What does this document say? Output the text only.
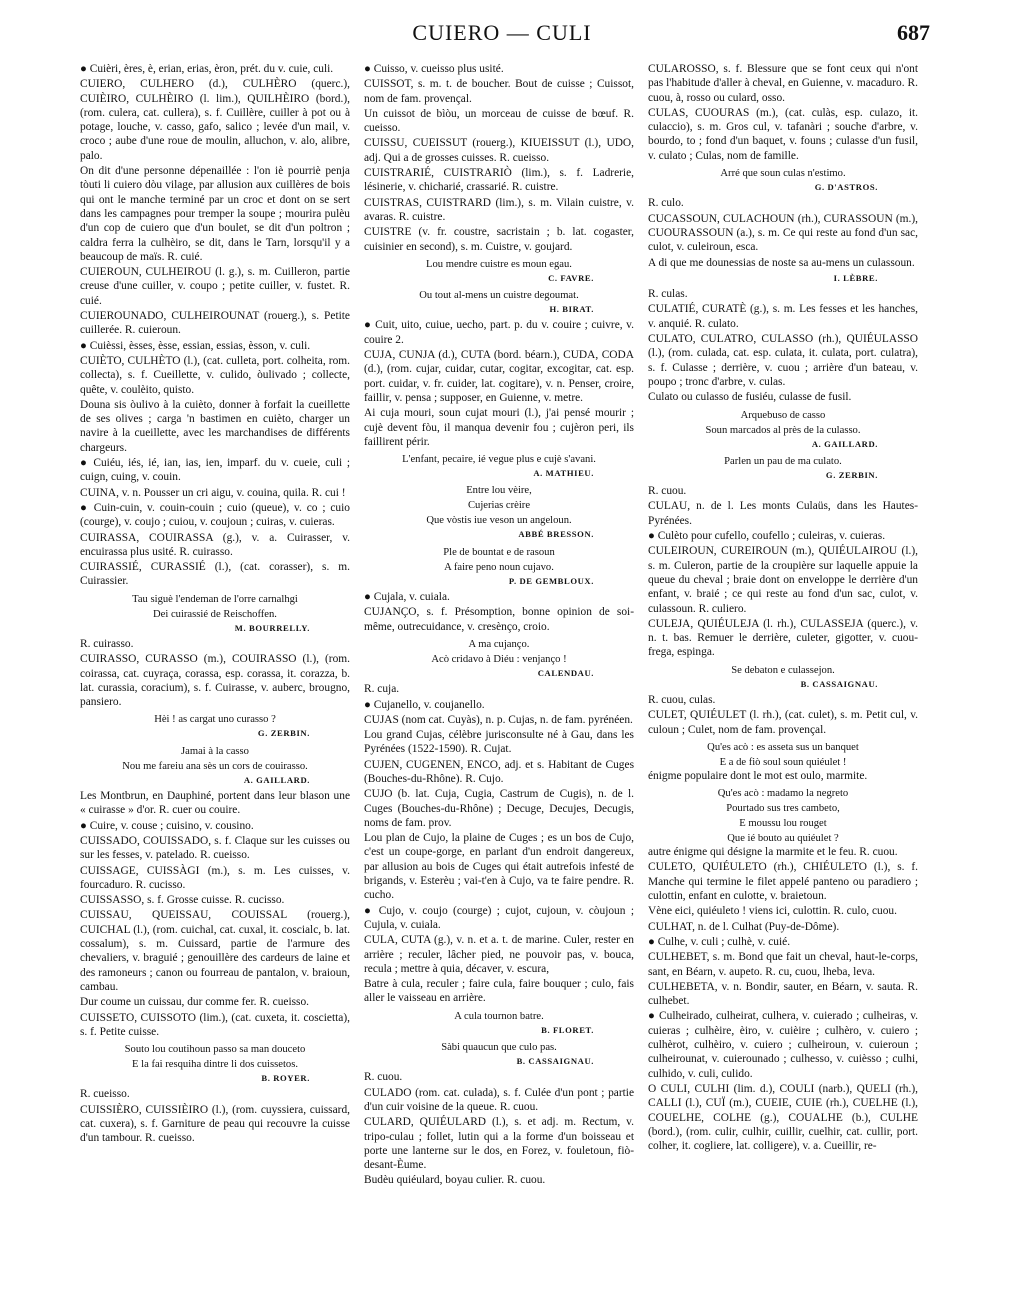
CUIERO — CULI	687

● Cuièri, ères, è, erian, erias, èron, prét. du v. cuie, culi.

CUIERO, CULHERO (d.), CULHÈRO (querc.), CUIÈIRO, CULHÈIRO (l. lim.), QUILHÈIRO (bord.), (rom. culera, cat. cullera), s. f. Cuillère, cuiller à pot ou à potage, louche, v. casso, gafo, salico ; levée d'un mail, v. croco ; aube d'une roue de moulin, alluchon, v. alo, alibre, palo.

On dit d'une personne dépenaillée : l'on iè pourriè penja tòuti li cuiero dòu vilage, par allusion aux cuillères de bois qui ont le manche terminé par un croc et dont on se sert dans les campagnes pour tremper la soupe ; mourira pulèu d'un cop de cuiero que d'un boulet, se dit d'un poltron ; caldra ferra la culhèiro, se dit, dans le Tarn, lorsqu'il y a beaucoup de maïs. R. cuié.

CUIEROUN, CULHEIROU (l. g.), s. m. Cuilleron, partie creuse d'une cuiller, v. coupo ; petite cuiller, v. fustet. R. cuié.

CUIEROUNADO, CULHEIROUNAT (rouerg.), s. Petite cuillerée. R. cuieroun.

● Cuièssi, èsses, èsse, essian, essias, èsson, v. culi.

CUIÈTO, CULHÈTO (l.), (cat. culleta, port. colheita, rom. collecta), s. f. Cueillette, v. culido, òulivado ; collecte, quête, v. coulèito, quisto.

Douna sis òulivo à la cuièto, donner à forfait la cueillette de ses olives ; carga 'n bastimen en cuièto, charger un navire à la cueillette, avec les marchandises de différents chargeurs.

● Cuiéu, iés, ié, ian, ias, ien, imparf. du v. cueie, culi ; cuign, cuing, v. couin.

CUINA, v. n. Pousser un cri aigu, v. couina, quila. R. cui !

● Cuin-cuin, v. couin-couin ; cuio (queue), v. co ; cuio (courge), v. coujo ; cuiou, v. coujoun ; cuiras, v. cuieras.

CUIRASSA, COUIRASSA (g.), v. a. Cuirasser, v. encuirassa plus usité. R. cuirasso.

CUIRASSIÉ, CURASSIÉ (l.), (cat. corasser), s. m. Cuirassier.

Tau siguè l'endeman de l'orre carnalhgi

Dei cuirassié de Reischoffen.

M. BOURRELLY.

R. cuirasso.

CUIRASSO, CURASSO (m.), COUIRASSO (l.), (rom. coirassa, cat. cuyraça, corassa, esp. corassa, it. corazza, b. lat. curassia, coracium), s. f. Cuirasse, v. auberc, brougno, pansiero.

Hèi ! as cargat uno curasso ?

G. ZERBIN.

Jamai à la casso

Nou me fareiu ana sès un cors de couirasso.

A. GAILLARD.

Les Montbrun, en Dauphiné, portent dans leur blason une « cuirasse » d'or. R. cuer ou couire.

● Cuire, v. couse ; cuisino, v. cousino.

CUISSADO, COUISSADO, s. f. Claque sur les cuisses ou sur les fesses, v. patelado. R. cueisso.

CUISSAGE, CUISSÀGI (m.), s. m. Les cuisses, v. fourcaduro. R. cucisso.

CUISSASSO, s. f. Grosse cuisse. R. cucisso.

CUISSAU, QUEISSAU, COUISSAL (rouerg.), CUICHAL (l.), (rom. cuichal, cat. cuxal, it. coscialc, b. lat. cossalum), s. m. Cuissard, partie de l'armure des chevaliers, v. braguié ; genouillère des cardeurs de laine et des ramoneurs ; canon ou fourreau de pantalon, v. braioun, cambau.

Dur coume un cuissau, dur comme fer. R. cueisso.

CUISSETO, CUISSOTO (lim.), (cat. cuxeta, it. coscietta), s. f. Petite cuisse.

Souto lou coutihoun passo sa man douceto

E la fai resquiha dintre li dos cuissetos.

B. ROYER.

R. cueisso.

CUISSIÈRO, CUISSIÈIRO (l.), (rom. cuyssiera, cuissard, cat. cuxera), s. f. Garniture de peau qui recouvre la cuisse d'un tambour. R. cueisso.

● Cuisso, v. cueisso plus usité.

CUISSOT, s. m. t. de boucher. Bout de cuisse ; Cuissot, nom de fam. provençal.

Un cuissot de bìòu, un morceau de cuisse de bœuf. R. cueisso.

CUISSU, CUEISSUT (rouerg.), KIUEISSUT (l.), UDO, adj. Qui a de grosses cuisses. R. cueisso.

CUISTRARIÉ, CUISTRARIÒ (lim.), s. f. Ladrerie, lésinerie, v. chicharié, crassarié. R. cuistre.

CUISTRAS, CUISTRARD (lim.), s. m. Vilain cuistre, v. avaras. R. cuistre.

CUISTRE (v. fr. coustre, sacristain ; b. lat. cogaster, cuisinier en second), s. m. Cuistre, v. goujard.

Lou mendre cuistre es moun egau.

C. FAVRE.

Ou tout al-mens un cuistre degoumat.

H. BIRAT.

● Cuit, uito, cuiue, uecho, part. p. du v. couire ; cuivre, v. couire 2.

CUJA, CUNJA (d.), CUTA (bord. béarn.), CUDA, CODA (d.), (rom. cujar, cuidar, cutar, cogitar, excogitar, cat. esp. port. cuidar, v. fr. cuider, lat. cogitare), v. n. Penser, croire, faillir, v. pensa ; supposer, en Guienne, v. metre.

Ai cuja mouri, soun cujat mouri (l.), j'ai pensé mourir ; cujè devent fòu, il manqua devenir fou ; cujèron peri, ils faillirent périr.

L'enfant, pecaire, ié vegue plus e cujè s'avani.

A. MATHIEU.

Entre lou vèire,

Cujerias crèire

Que vòstis iue veson un angeloun.

ABBÉ BRESSON.

Ple de bountat e de rasoun

A faire peno noun cujavo.

P. DE GEMBLOUX.

● Cujala, v. cuiala.

CUJANÇO, s. f. Présomption, bonne opinion de soi-même, outrecuidance, v. cresènço, croio.

A ma cujanço.

Acò cridavo à Diéu : venjanço !

CALENDAU.

R. cuja.

● Cujanello, v. coujanello.

CUJAS (nom cat. Cuyàs), n. p. Cujas, n. de fam. pyrénéen.

Lou grand Cujas, célèbre jurisconsulte né à Gau, dans les Pyrénées (1522-1590). R. Cujat.

CUJEN, CUGENEN, ENCO, adj. et s. Habitant de Cuges (Bouches-du-Rhône). R. Cujo.

CUJO (b. lat. Cuja, Cugia, Castrum de Cugis), n. de l. Cuges (Bouches-du-Rhône) ; Decuge, Decujes, Decugis, noms de fam. prov.

Lou plan de Cujo, la plaine de Cuges ; es un bos de Cujo, c'est un coupe-gorge, en parlant d'un endroit dangereux, par allusion au bois de Cuges qui était autrefois infesté de brigands, v. Esterèu ; vai-t'en à Cujo, va te faire pendre. R. cucho.

● Cujo, v. coujo (courge) ; cujot, cujoun, v. còujoun ; Cujula, v. cuiala.

CULA, CUTA (g.), v. n. et a. t. de marine. Culer, rester en arrière ; reculer, lâcher pied, ne pouvoir pas, v. bouca, recula ; mettre à quia, décaver, v. escura,

Batre à cula, reculer ; faire cula, faire bouquer ; culo, fais aller le vaisseau en arrière.

A cula tournon batre.

B. FLORET.

Sàbi quaucun que culo pas.

B. CASSAIGNAU.

R. cuou.

CULADO (rom. cat. culada), s. f. Culée d'un pont ; partie d'un cuir voisine de la queue. R. cuou.

CULARD, QUIÉULARD (l.), s. et adj. m. Rectum, v. tripo-culau ; follet, lutin qui a la forme d'un boisseau et porte une lanterne sur le dos, en Forez, v. fouletoun, fiò-desant-Èume.

Budèu quiéulard, boyau culier. R. cuou.

CULAROSSO, s. f. Blessure que se font ceux qui n'ont pas l'habitude d'aller à cheval, en Guienne, v. macaduro. R. cuou, à, rosso ou culard, osso.

CULAS, CUOURAS (m.), (cat. culàs, esp. culazo, it. culaccio), s. m. Gros cul, v. tafanàri ; souche d'arbre, v. bourdo, to ; fond d'un baquet, v. founs ; culasse d'un fusil, v. culato ; Culas, nom de famille.

Arré que soun culas n'estimo.

G. D'ASTROS.

R. culo.

CUCASSOUN, CULACHOUN (rh.), CURASSOUN (m.), CUOURASSOUN (a.), s. m. Ce qui reste au fond d'un sac, culot, v. culeiroun, esca.

A di que me dounessias de noste sa au-mens un culassoun.

I. LÈBRE.

R. culas.

CULATIÉ, CURATÈ (g.), s. m. Les fesses et les hanches, v. anquié. R. culato.

CULATO, CULATRO, CULASSO (rh.), QUIÉULASSO (l.), (rom. culada, cat. esp. culata, it. culata, port. culatra), s. f. Culasse ; derrière, v. cuou ; arrière d'un bateau, v. poupo ; tronc d'arbre, v. culas.

Culato ou culasso de fusiéu, culasse de fusil.

Arquebuso de casso

Soun marcados al près de la culasso.

A. GAILLARD.

Parlen un pau de ma culato.

G. ZERBIN.

R. cuou.

CULAU, n. de l. Les monts Culaüs, dans les Hautes-Pyrénées.

● Culèto pour cufello, coufello ; culeiras, v. cuieras.

CULEIROUN, CUREIROUN (m.), QUIÉULAIROU (l.), s. m. Culeron, partie de la croupière sur laquelle appuie la queue du cheval ; braie dont on enveloppe le derrière d'un enfant, v. braié ; ce qui reste au fond d'un sac, culot, v. culassoun. R. culiero.

CULEJA, QUIÉULEJA (l. rh.), CULASSEJA (querc.), v. n. t. bas. Remuer le derrière, culeter, gigotter, v. cuou-frega, espinga.

Se debaton e culassejon.

B. CASSAIGNAU.

R. cuou, culas.

CULET, QUIÉULET (l. rh.), (cat. culet), s. m. Petit cul, v. culoun ; Culet, nom de fam. provençal.

Qu'es acò : es asseta sus un banquet

E a de fiò soul soun quiéulet !

énigme populaire dont le mot est oulo, marmite.

Qu'es acò : madamo la negreto

Pourtado sus tres cambeto,

E moussu lou rouget

Que ié bouto au quiéulet ?

autre énigme qui désigne la marmite et le feu. R. cuou.

CULETO, QUIÉULETO (rh.), CHIÉULETO (l.), s. f. Manche qui termine le filet appelé panteno ou paradiero ; culottin, enfant en culotte, v. braietoun.

Vène eici, quiéuleto ! viens ici, culottin. R. culo, cuou.

CULHAT, n. de l. Culhat (Puy-de-Dôme).

● Culhe, v. culi ; culhè, v. cuié.

CULHEBET, s. m. Bond que fait un cheval, haut-le-corps, sant, en Béarn, v. aupeto. R. cu, cuou, lheba, leva.

CULHEBETA, v. n. Bondir, sauter, en Béarn, v. sauta. R. culhebet.

● Culheirado, culheirat, culhera, v. cuierado ; culheiras, v. cuieras ; culhèire, èiro, v. cuièire ; culhèro, v. cuiero ; culhèrot, culhèiro, v. cuiero ; culheiroun, v. cuieroun ; culheirounat, v. cuierounado ; culhesso, v. cuièsso ; culhi, culhido, v. culi, culido.

O CULI, CULHI (lim. d.), COULI (narb.), QUELI (rh.), CALLI (l.), CUÏ (m.), CUEIE, CUIE (rh.), CUELHE (l.), COUELHE, COLHE (g.), COUALHE (b.), CULHE (bord.), (rom. culir, culhir, cuillir, cuelhir, cat. cullir, port. colher, it. cogliere, lat. colligere), v. a. Cueillir, re-
